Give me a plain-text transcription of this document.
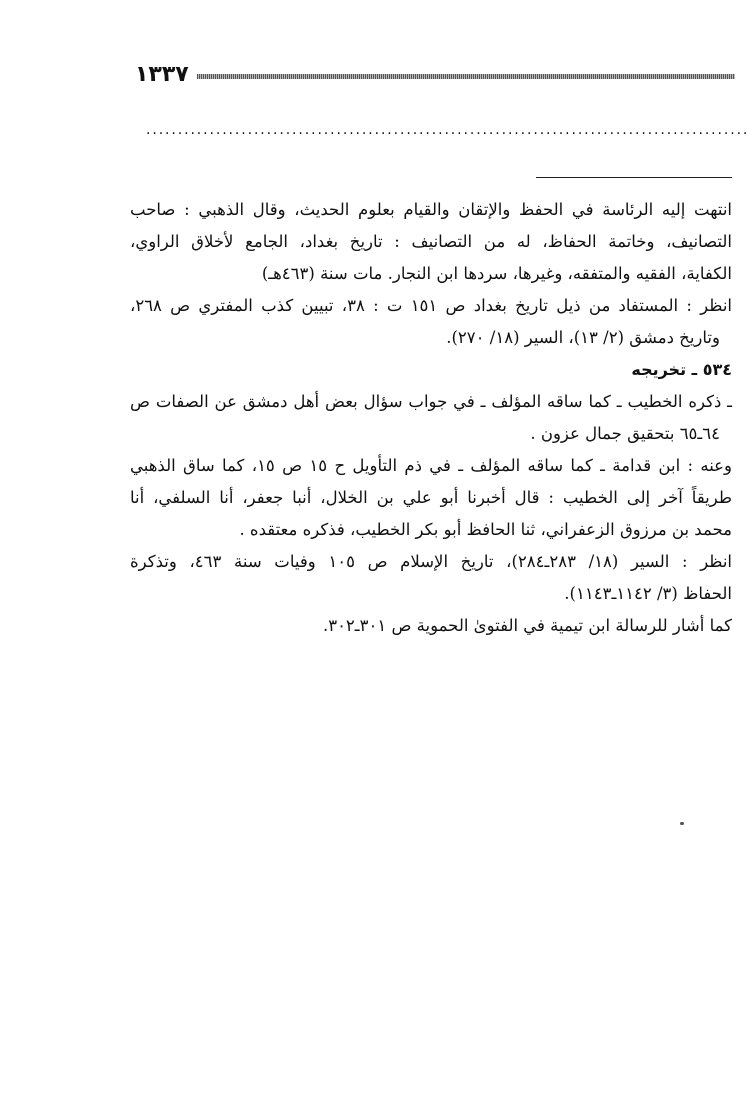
١٣٣٧
...............................................................................................
انتهت إليه الرئاسة في الحفظ والإتقان والقيام بعلوم الحديث، وقال الذهبي : صاحب
التصانيف، وخاتمة الحفاظ، له من التصانيف : تاريخ بغداد، الجامع لأخلاق الراوي،
الكفاية، الفقيه والمتفقه، وغيرها، سردها ابن النجار. مات سنة (٤٦٣هـ)
انظر : المستفاد من ذيل تاريخ بغداد ص ١٥١ ت : ٣٨، تبيين كذب المفتري ص ٢٦٨،
وتاريخ دمشق (٢/ ١٣)، السير (١٨/ ٢٧٠).
٥٣٤ ـ تخريجه
ـ ذكره الخطيب ـ كما ساقه المؤلف ـ في جواب سؤال بعض أهل دمشق عن الصفات ص
٦٤ـ٦٥ بتحقيق جمال عزون .
وعنه : ابن قدامة ـ كما ساقه المؤلف ـ في ذم التأويل ح ١٥ ص ١٥، كما ساق الذهبي
طريقاً آخر إلى الخطيب : قال أخبرنا أبو علي بن الخلال، أنبا جعفر، أنا السلفي، أنا
محمد بن مرزوق الزعفراني، ثنا الحافظ أبو بكر الخطيب، فذكره معتقده .
انظر : السير (١٨/ ٢٨٣ـ٢٨٤)، تاريخ الإسلام ص ١٠٥ وفيات سنة ٤٦٣، وتذكرة
الحفاظ (٣/ ١١٤٢ـ١١٤٣).
كما أشار للرسالة ابن تيمية في الفتوىٰ الحموية ص ٣٠١ـ٣٠٢.
